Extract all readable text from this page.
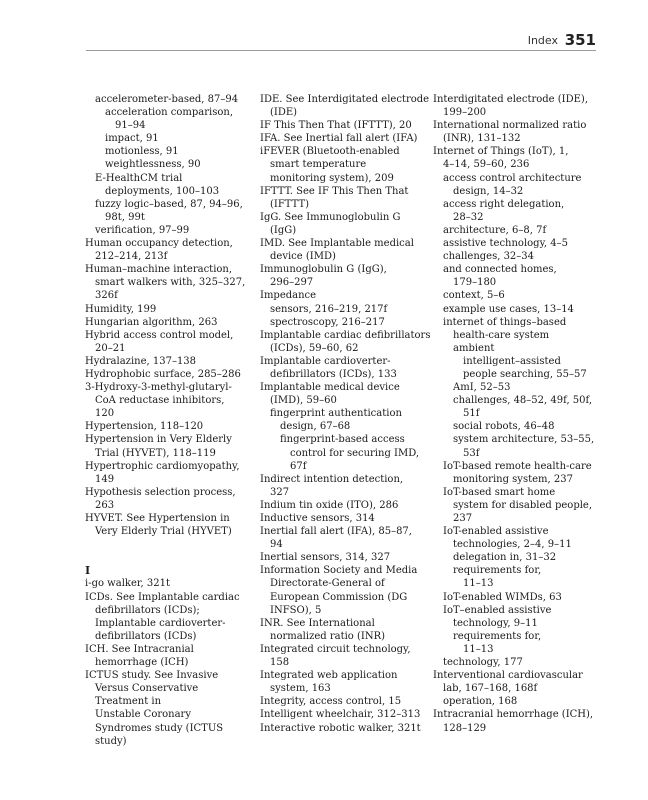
Index 351
accelerometer-based, 87–94
acceleration comparison,
91–94
impact, 91
motionless, 91
weightlessness, 90
E-HealthCM trial
deployments, 100–103
fuzzy logic–based, 87, 94–96,
98t, 99t
verification, 97–99
Human occupancy detection,
212–214, 213f
Human–machine interaction,
smart walkers with, 325–327,
326f
Humidity, 199
Hungarian algorithm, 263
Hybrid access control model,
20–21
Hydralazine, 137–138
Hydrophobic surface, 285–286
3-Hydroxy-3-methyl-glutaryl-
CoA reductase inhibitors,
120
Hypertension, 118–120
Hypertension in Very Elderly
Trial (HYVET), 118–119
Hypertrophic cardiomyopathy,
149
Hypothesis selection process,
263
HYVET. See Hypertension in
Very Elderly Trial (HYVET)
I
i-go walker, 321t
ICDs. See Implantable cardiac
defibrillators (ICDs);
Implantable cardioverter-
defibrillators (ICDs)
ICH. See Intracranial
hemorrhage (ICH)
ICTUS study. See Invasive
Versus Conservative
Treatment in
Unstable Coronary
Syndromes study (ICTUS
study)
IDE. See Interdigitated electrode
(IDE)
IF This Then That (IFTTT), 20
IFA. See Inertial fall alert (IFA)
iFEVER (Bluetooth-enabled
smart temperature
monitoring system), 209
IFTTT. See IF This Then That
(IFTTT)
IgG. See Immunoglobulin G
(IgG)
IMD. See Implantable medical
device (IMD)
Immunoglobulin G (IgG),
296–297
Impedance
sensors, 216–219, 217f
spectroscopy, 216–217
Implantable cardiac defibrillators
(ICDs), 59–60, 62
Implantable cardioverter-
defibrillators (ICDs), 133
Implantable medical device
(IMD), 59–60
fingerprint authentication
design, 67–68
fingerprint-based access
control for securing IMD,
67f
Indirect intention detection,
327
Indium tin oxide (ITO), 286
Inductive sensors, 314
Inertial fall alert (IFA), 85–87,
94
Inertial sensors, 314, 327
Information Society and Media
Directorate-General of
European Commission (DG
INFSO), 5
INR. See International
normalized ratio (INR)
Integrated circuit technology,
158
Integrated web application
system, 163
Integrity, access control, 15
Intelligent wheelchair, 312–313
Interactive robotic walker, 321t
Interdigitated electrode (IDE),
199–200
International normalized ratio
(INR), 131–132
Internet of Things (IoT), 1,
4–14, 59–60, 236
access control architecture
design, 14–32
access right delegation,
28–32
architecture, 6–8, 7f
assistive technology, 4–5
challenges, 32–34
and connected homes,
179–180
context, 5–6
example use cases, 13–14
internet of things–based
health-care system
ambient
intelligent–assisted
people searching, 55–57
AmI, 52–53
challenges, 48–52, 49f, 50f,
51f
social robots, 46–48
system architecture, 53–55,
53f
IoT-based remote health-care
monitoring system, 237
IoT-based smart home
system for disabled people,
237
IoT-enabled assistive
technologies, 2–4, 9–11
delegation in, 31–32
requirements for,
11–13
IoT-enabled WIMDs, 63
IoT–enabled assistive
technology, 9–11
requirements for,
11–13
technology, 177
Interventional cardiovascular
lab, 167–168, 168f
operation, 168
Intracranial hemorrhage (ICH),
128–129
